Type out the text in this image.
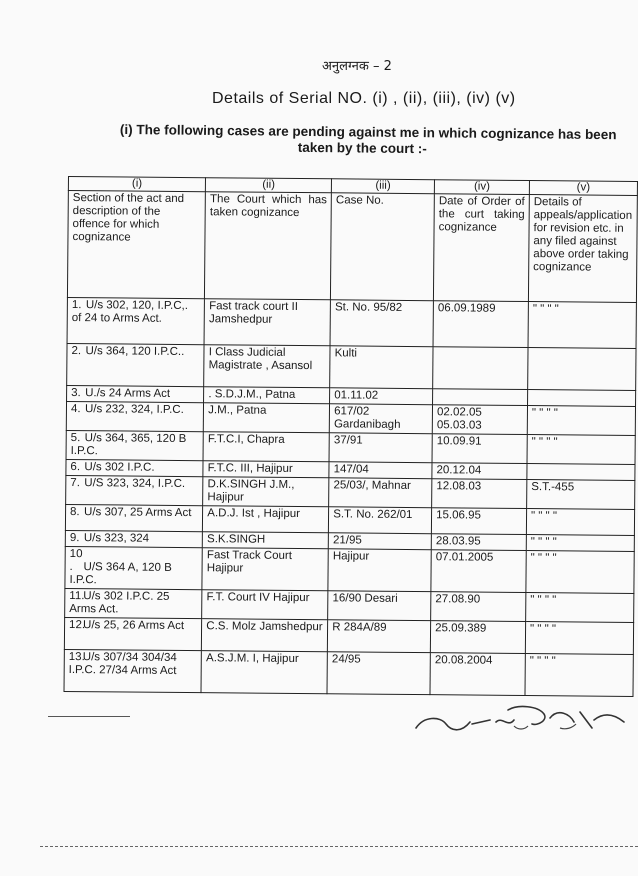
अनुलग्नक – 2
Details of Serial NO. (i) , (ii), (iii), (iv) (v)
(i) The following cases are pending against me in which cognizance has been
taken by the court :-
(i)	(ii)	(iii)	(iv)	(v)
Section of the act and description of the offence for which cognizance	The Court which has taken cognizance	Case No.	Date of Order of the curt taking cognizance	Details of appeals/application for revision etc. in any filed against above order taking cognizance
1. U/s 302, 120, I.P.C,. of 24 to Arms Act.	Fast track court II Jamshedpur	St. No. 95/82	06.09.1989	" " " "
2. U/s 364, 120 I.P.C..	I Class Judicial Magistrate , Asansol	Kulti		
3. U./s 24 Arms Act	. S.D.J.M., Patna	01.11.02		
4. U/s 232, 324, I.P.C.	J.M., Patna	617/02 Gardanibagh	02.02.05 05.03.03	" " " "
5. U/s 364, 365, 120 B I.P.C.	F.T.C.I, Chapra	37/91	10.09.91	" " " "
6. U/s 302 I.P.C.	F.T.C. III, Hajipur	147/04	20.12.04	
7. U/S 323, 324, I.P.C.	D.K.SINGH J.M., Hajipur	25/03/, Mahnar	12.08.03	S.T.-455
8. U/s 307, 25 Arms Act	A.D.J. Ist , Hajipur	S.T. No. 262/01	15.06.95	" " " "
9. U/s 323, 324	S.K.SINGH	21/95	28.03.95	" " " "
10 . U/S 364 A, 120 B I.P.C.	Fast Track Court Hajipur	Hajipur	07.01.2005	" " " "
11.U/s 302 I.P.C. 25 Arms Act.	F.T. Court IV Hajipur	16/90 Desari	27.08.90	" " " "
12.U/s 25, 26 Arms Act	C.S. Molz Jamshedpur	R 284A/89	25.09.389	" " " "
13.U/s 307/34 304/34 I.P.C. 27/34 Arms Act	A.S.J.M. I, Hajipur	24/95	20.08.2004	" " " "
